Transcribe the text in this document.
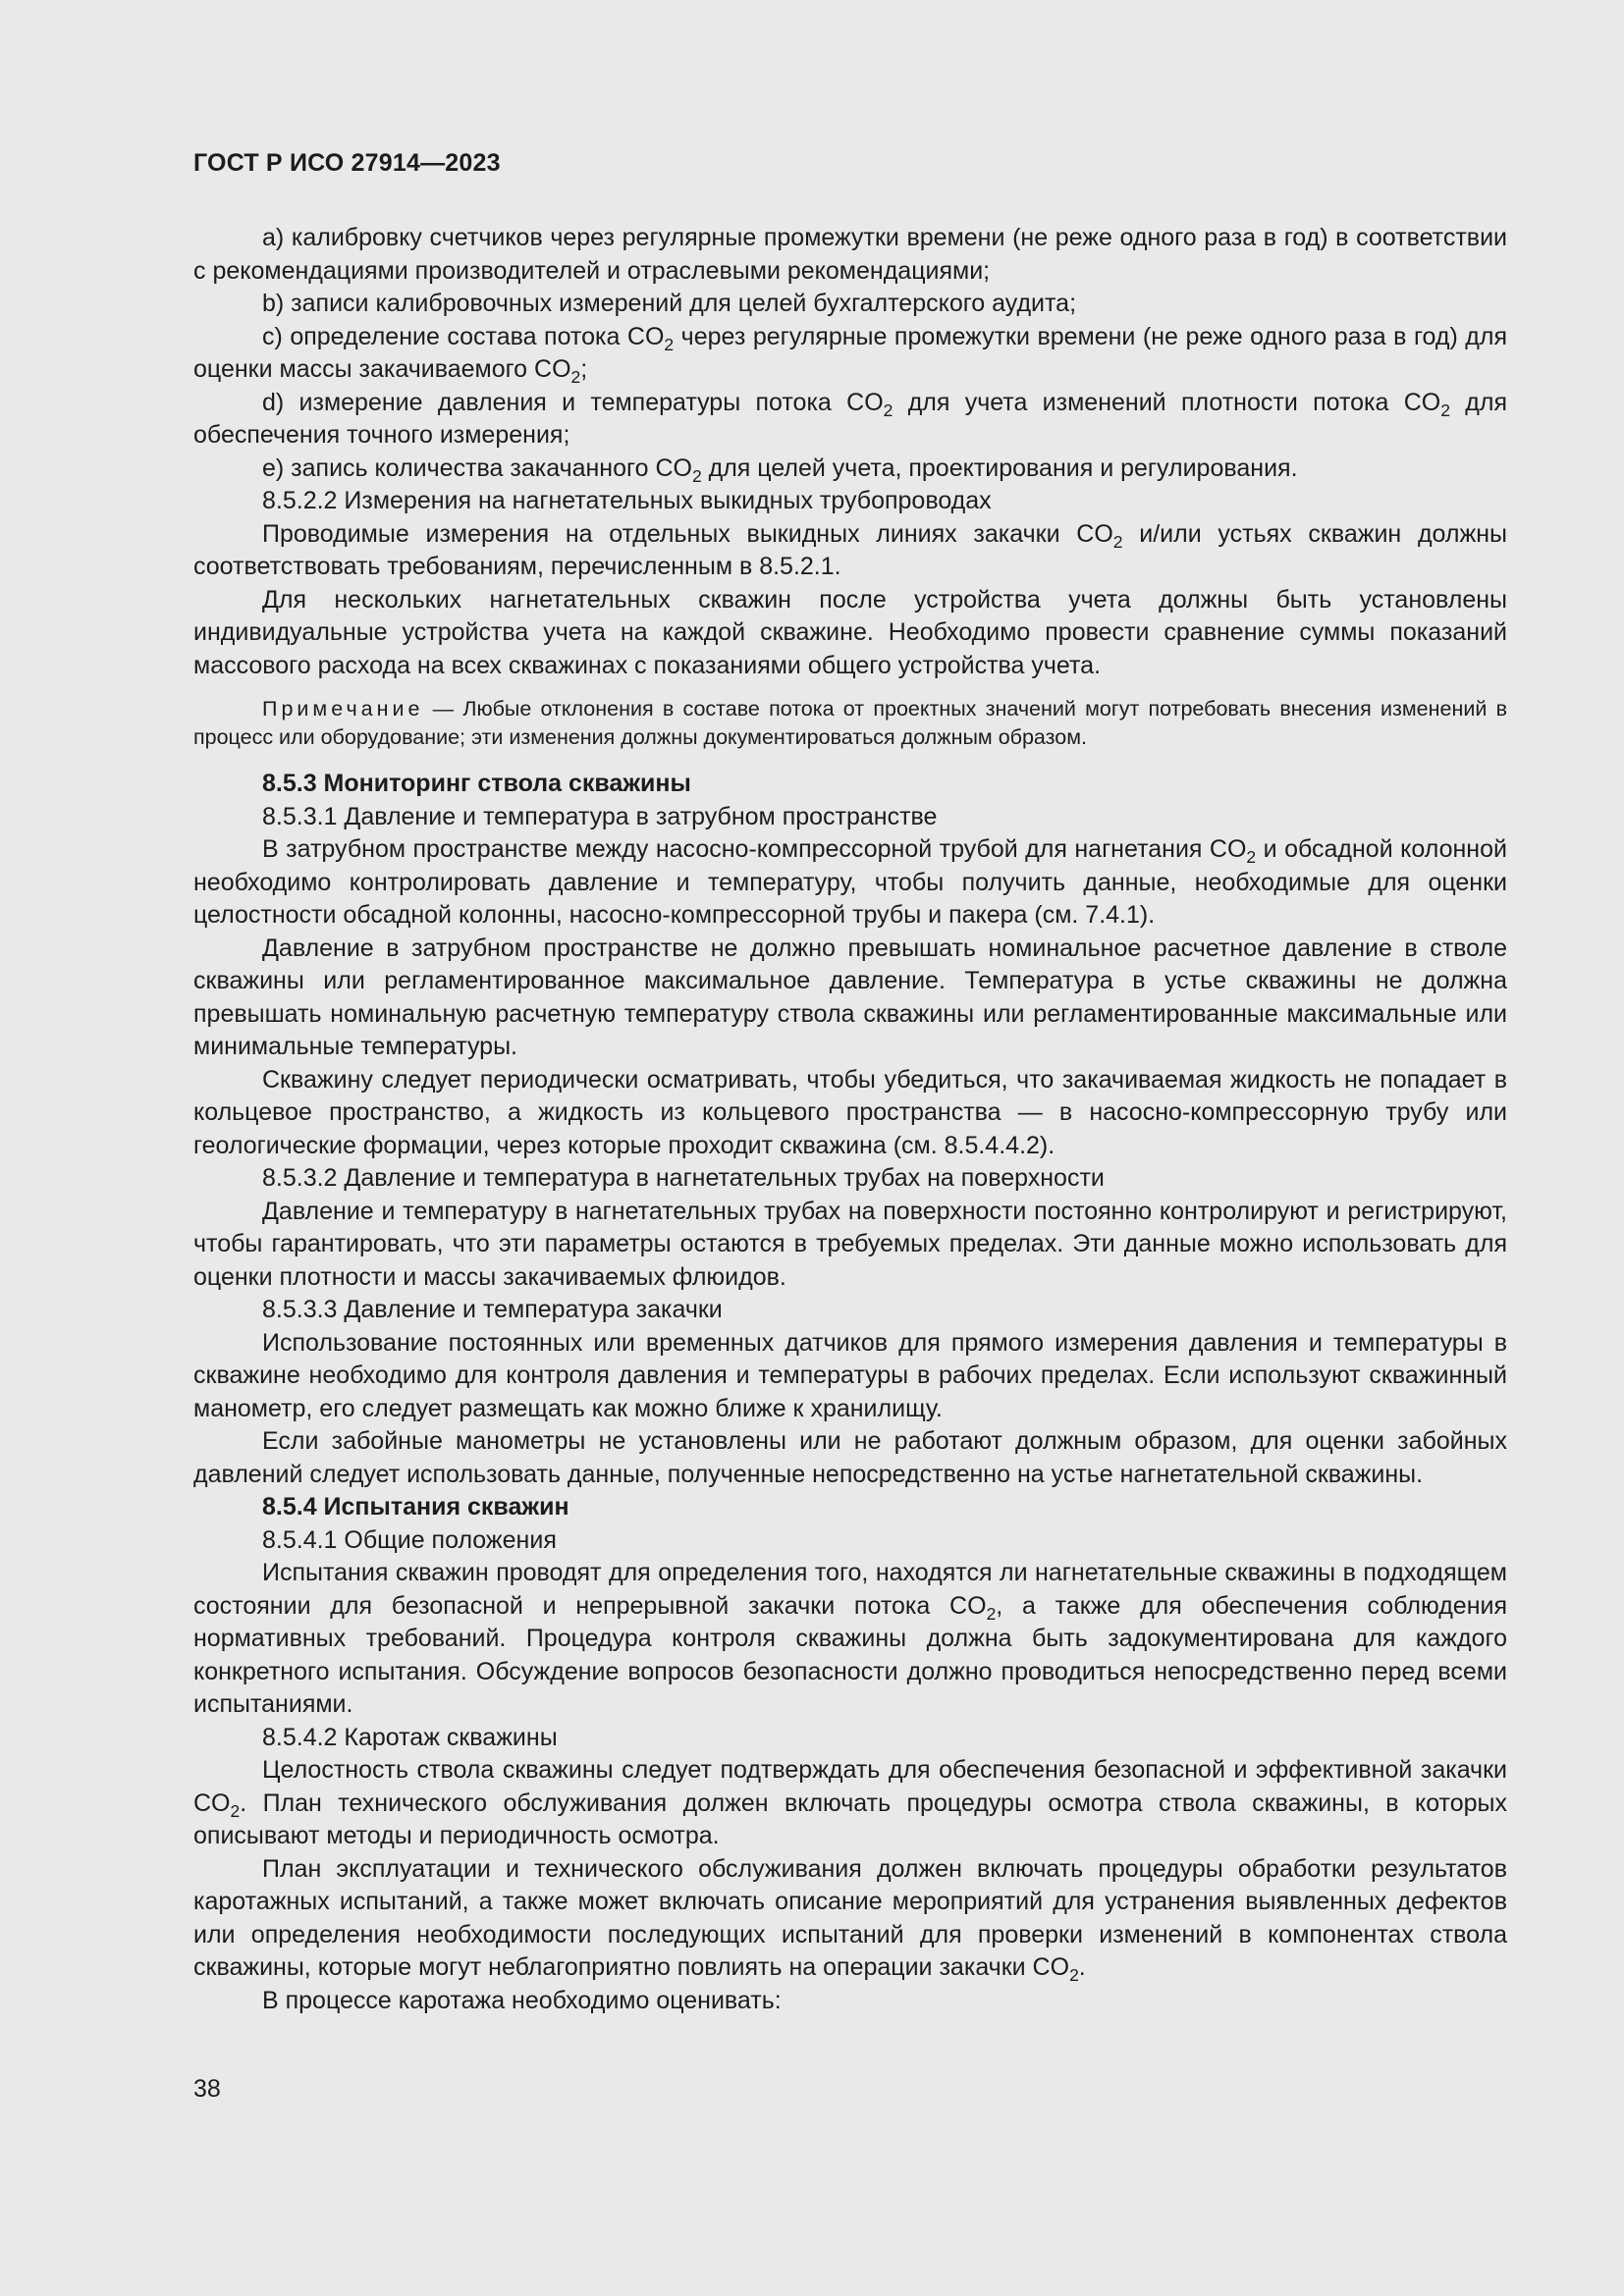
ГОСТ Р ИСО 27914—2023

a) калибровку счетчиков через регулярные промежутки времени (не реже одного раза в год) в соответствии с рекомендациями производителей и отраслевыми рекомендациями;

b) записи калибровочных измерений для целей бухгалтерского аудита;

c) определение состава потока $CO_2$ через регулярные промежутки времени (не реже одного раза в год) для оценки массы закачиваемого $CO_2$;

d) измерение давления и температуры потока $CO_2$ для учета изменений плотности потока $CO_2$ для обеспечения точного измерения;

e) запись количества закачанного $CO_2$ для целей учета, проектирования и регулирования.

8.5.2.2 Измерения на нагнетательных выкидных трубопроводах

Проводимые измерения на отдельных выкидных линиях закачки $CO_2$ и/или устьях скважин должны соответствовать требованиям, перечисленным в 8.5.2.1.

Для нескольких нагнетательных скважин после устройства учета должны быть установлены индивидуальные устройства учета на каждой скважине. Необходимо провести сравнение суммы показаний массового расхода на всех скважинах с показаниями общего устройства учета.

Примечание — Любые отклонения в составе потока от проектных значений могут потребовать внесения изменений в процесс или оборудование; эти изменения должны документироваться должным образом.

8.5.3 Мониторинг ствола скважины

8.5.3.1 Давление и температура в затрубном пространстве

В затрубном пространстве между насосно-компрессорной трубой для нагнетания $CO_2$ и обсадной колонной необходимо контролировать давление и температуру, чтобы получить данные, необходимые для оценки целостности обсадной колонны, насосно-компрессорной трубы и пакера (см. 7.4.1).

Давление в затрубном пространстве не должно превышать номинальное расчетное давление в стволе скважины или регламентированное максимальное давление. Температура в устье скважины не должна превышать номинальную расчетную температуру ствола скважины или регламентированные максимальные или минимальные температуры.

Скважину следует периодически осматривать, чтобы убедиться, что закачиваемая жидкость не попадает в кольцевое пространство, а жидкость из кольцевого пространства — в насосно-компрессорную трубу или геологические формации, через которые проходит скважина (см. 8.5.4.4.2).

8.5.3.2 Давление и температура в нагнетательных трубах на поверхности

Давление и температуру в нагнетательных трубах на поверхности постоянно контролируют и регистрируют, чтобы гарантировать, что эти параметры остаются в требуемых пределах. Эти данные можно использовать для оценки плотности и массы закачиваемых флюидов.

8.5.3.3 Давление и температура закачки

Использование постоянных или временных датчиков для прямого измерения давления и температуры в скважине необходимо для контроля давления и температуры в рабочих пределах. Если используют скважинный манометр, его следует размещать как можно ближе к хранилищу.

Если забойные манометры не установлены или не работают должным образом, для оценки забойных давлений следует использовать данные, полученные непосредственно на устье нагнетательной скважины.

8.5.4 Испытания скважин

8.5.4.1 Общие положения

Испытания скважин проводят для определения того, находятся ли нагнетательные скважины в подходящем состоянии для безопасной и непрерывной закачки потока $CO_2$, а также для обеспечения соблюдения нормативных требований. Процедура контроля скважины должна быть задокументирована для каждого конкретного испытания. Обсуждение вопросов безопасности должно проводиться непосредственно перед всеми испытаниями.

8.5.4.2 Каротаж скважины

Целостность ствола скважины следует подтверждать для обеспечения безопасной и эффективной закачки $CO_2$. План технического обслуживания должен включать процедуры осмотра ствола скважины, в которых описывают методы и периодичность осмотра.

План эксплуатации и технического обслуживания должен включать процедуры обработки результатов каротажных испытаний, а также может включать описание мероприятий для устранения выявленных дефектов или определения необходимости последующих испытаний для проверки изменений в компонентах ствола скважины, которые могут неблагоприятно повлиять на операции закачки $CO_2$.

В процессе каротажа необходимо оценивать:

38
